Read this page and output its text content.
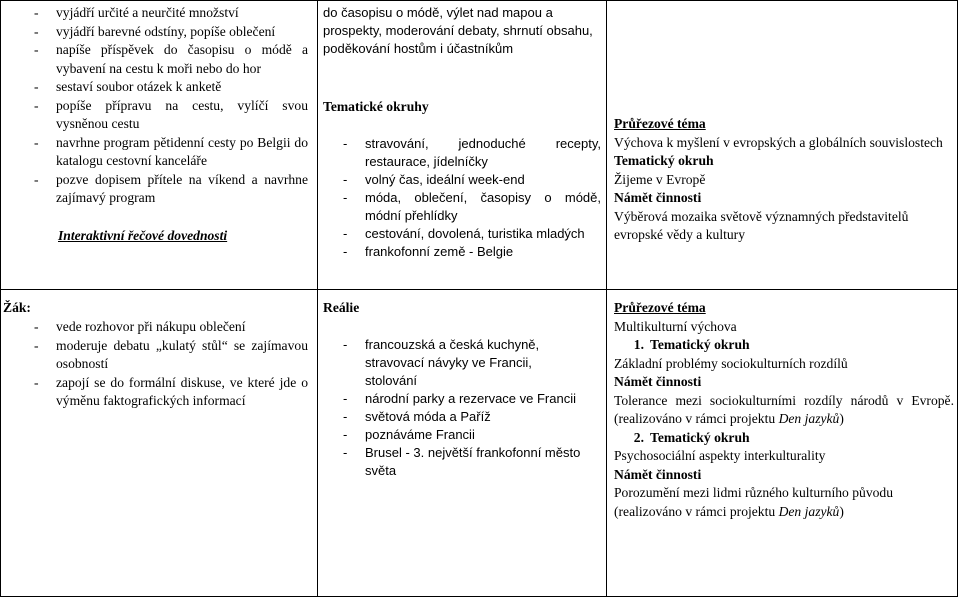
- vyjádří určité a neurčité množství
- vyjádří barevné odstíny, popíše oblečení
- napíše příspěvek do časopisu o módě a vybavení na cestu k moři nebo do hor
- sestaví soubor otázek k anketě
- popíše přípravu na cestu, vylíčí svou vysněnou cestu
- navrhne program pětidenní cesty po Belgii do katalogu cestovní kanceláře
- pozve dopisem přítele na víkend a navrhne zajímavý program
Interaktivní řečové dovednosti
Žák:
- vede rozhovor při nákupu oblečení
- moderuje debatu „kulatý stůl“ se zajímavou osobností
- zapojí se do formální diskuse, ve které jde o výměnu faktografických informací
do časopisu o módě, výlet nad mapou a prospekty, moderování debaty, shrnutí obsahu, poděkování hostům i účastníkům
Tematické okruhy
- stravování, jednoduché recepty, restaurace, jídelníčky
- volný čas, ideální week-end
- móda, oblečení, časopisy o módě, módní přehlídky
- cestování, dovolená, turistika mladých
- frankofonní země - Belgie
Reálie
- francouzská a česká kuchyně, stravovací návyky ve Francii, stolování
- národní parky a rezervace ve Francii
- světová móda a Paříž
- poznáváme Francii
- Brusel - 3. největší frankofonní město světa
Průřezové téma
Výchova k myšlení v evropských a globálních souvislostech
Tematický okruh
Žijeme v Evropě
Námět činnosti
Výběrová mozaika světově významných představitelů evropské vědy a kultury
Průřezové téma
Multikulturní výchova
1. Tematický okruh
Základní problémy sociokulturních rozdílů
Námět činnosti
Tolerance mezi sociokulturními rozdíly národů v Evropě. (realizováno v rámci projektu Den jazyků)
2. Tematický okruh
Psychosociální aspekty interkulturality
Námět činnosti
Porozumění mezi lidmi různého kulturního původu (realizováno v rámci projektu Den jazyků)
